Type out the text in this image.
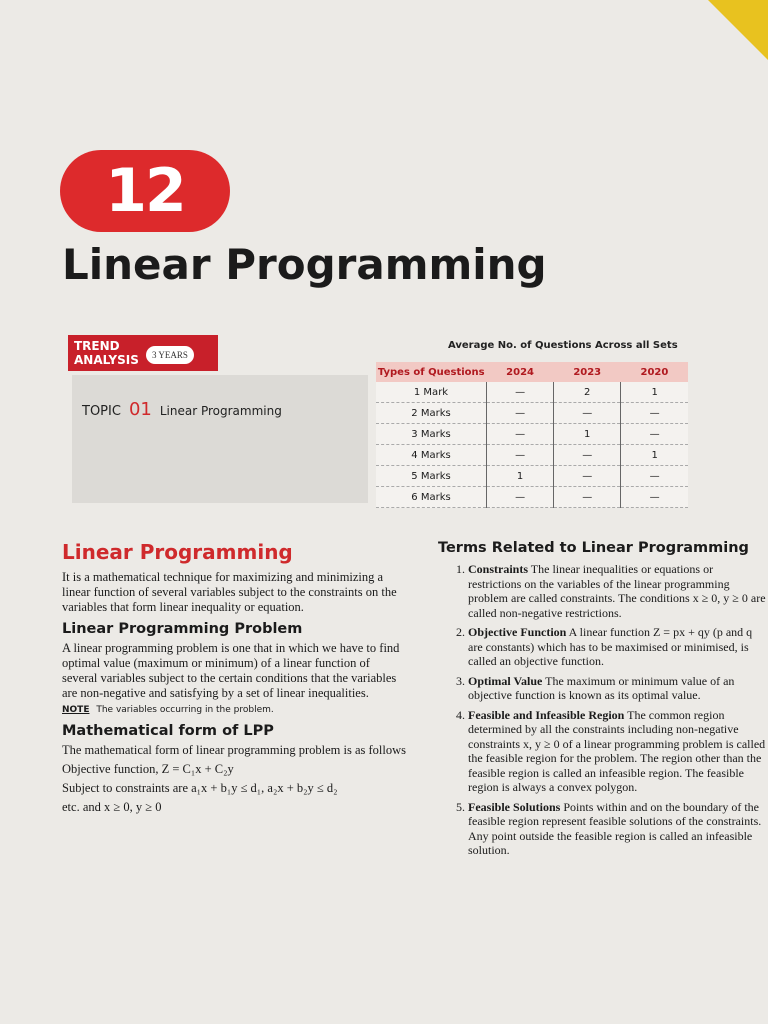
12
Linear Programming
TREND
ANALYSIS	3 YEARS
TOPIC 01 Linear Programming
Average No. of Questions Across all Sets
Types of Questions	2024	2023	2020
1 Mark	—	2	1
2 Marks	—	—	—
3 Marks	—	1	—
4 Marks	—	—	1
5 Marks	1	—	—
6 Marks	—	—	—
Linear Programming

It is a mathematical technique for maximizing and minimizing a linear function of several variables subject to the constraints on the variables that form linear inequality or equation.

Linear Programming Problem

A linear programming problem is one that in which we have to find optimal value (maximum or minimum) of a linear function of several variables subject to the certain conditions that the variables are non-negative and satisfying by a set of linear inequalities.

NOTE The variables occurring in the problem.
Mathematical form of LPP

The mathematical form of linear programming problem is as follows

Objective function, Z = C₁x + C₂y

Subject to constraints are a₁x + b₁y ≤ d₁, a₂x + b₂y ≤ d₂

etc. and x ≥ 0, y ≥ 0

Terms Related to Linear Programming
1. Constraints The linear inequalities or equations or restrictions on the variables of the linear programming problem are called constraints. The conditions x ≥ 0, y ≥ 0 are called non-negative restrictions.
2. Objective Function A linear function Z = px + qy (p and q are constants) which has to be maximised or minimised, is called an objective function.
3. Optimal Value The maximum or minimum value of an objective function is known as its optimal value.
4. Feasible and Infeasible Region The common region determined by all the constraints including non-negative constraints x, y ≥ 0 of a linear programming problem is called the feasible region for the problem. The region other than the feasible region is called an infeasible region. The feasible region is always a convex polygon.
5. Feasible Solutions Points within and on the boundary of the feasible region represent feasible solutions of the constraints. Any point outside the feasible region is called an infeasible solution.
